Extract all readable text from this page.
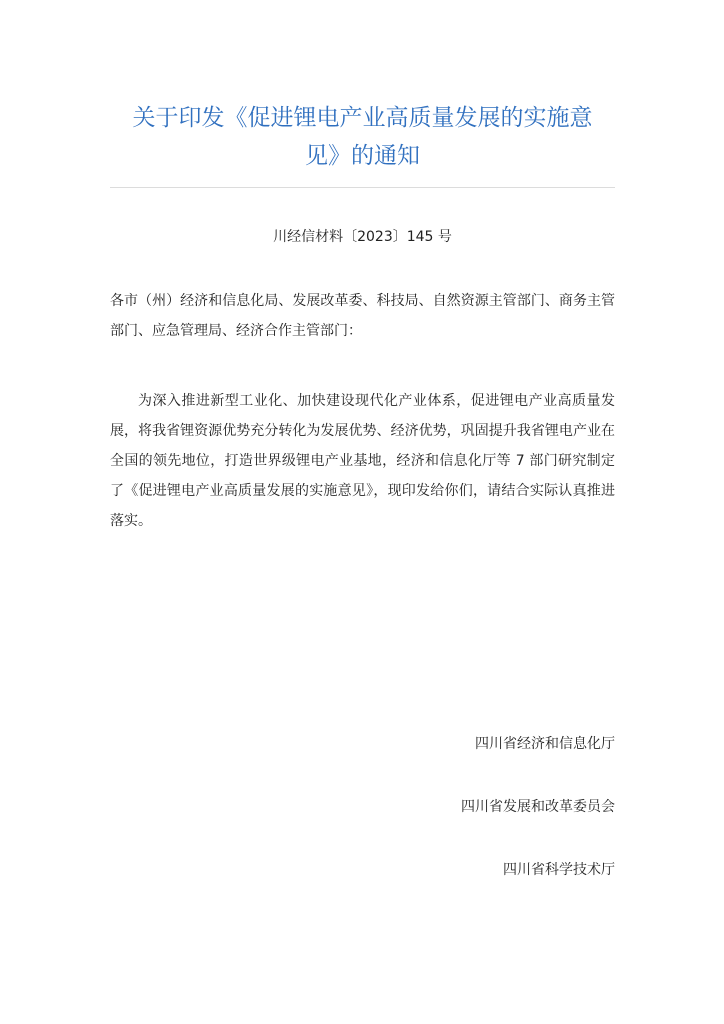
关于印发《促进锂电产业高质量发展的实施意
见》的通知
川经信材料〔2023〕145 号

各市（州）经济和信息化局、发展改革委、科技局、自然资源主管部门、商务主管部门、应急管理局、经济合作主管部门：

为深入推进新型工业化、加快建设现代化产业体系，促进锂电产业高质量发展，将我省锂资源优势充分转化为发展优势、经济优势，巩固提升我省锂电产业在全国的领先地位，打造世界级锂电产业基地，经济和信息化厅等 7 部门研究制定了《促进锂电产业高质量发展的实施意见》，现印发给你们，请结合实际认真推进落实。

四川省经济和信息化厅
四川省发展和改革委员会
四川省科学技术厅
